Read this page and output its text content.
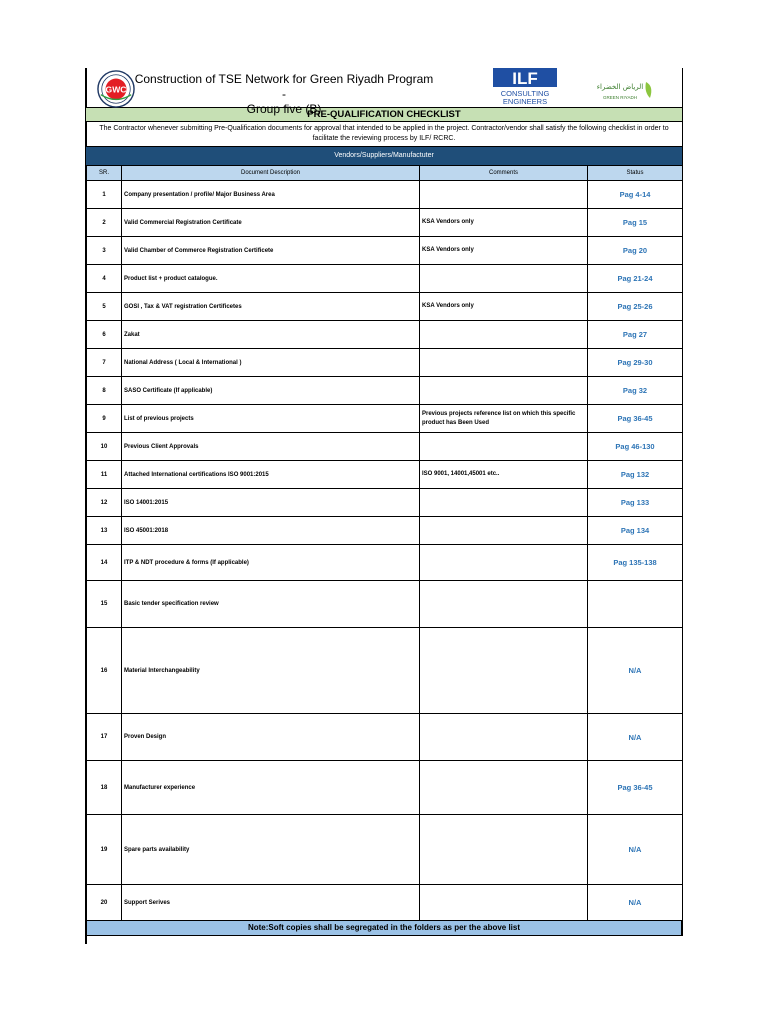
GWC
Construction of TSE Network for Green Riyadh Program -
Group five (B)
ILF
CONSULTING
ENGINEERS
الرياض الخضراء
GREEN RIYADH
PRE-QUALIFICATION CHECKLIST
The Contractor whenever submitting Pre-Qualification documents for approval that intended to be applied in the project. Contractor/vendor shall satisfy the following checklist in order to facilitate the reviewing process by ILF/ RCRC.
Vendors/Suppliers/Manufactuter
SR.	Document Description	Comments	Status
1	Company presentation / profile/ Major Business Area		Pag 4-14
2	Valid Commercial Registration Certificate	KSA Vendors only	Pag 15
3	Valid Chamber of Commerce Registration Certificete	KSA Vendors only	Pag 20
4	Product list + product catalogue.		Pag 21-24
5	GOSI , Tax & VAT registration Certificetes	KSA Vendors only	Pag 25-26
6	Zakat		Pag 27
7	National Address ( Local & International )		Pag 29-30
8	SASO Certificate (If applicable)		Pag 32
9	List of previous projects	Previous projects reference list on which this specific product has Been Used	Pag 36-45
10	Previous Client Approvals		Pag 46-130
11	Attached International certifications ISO 9001:2015	ISO 9001, 14001,45001 etc..	Pag 132
12	ISO 14001:2015		Pag 133
13	ISO 45001:2018		Pag 134
14	ITP & NDT procedure & forms (If applicable)		Pag 135-138
15	Basic tender specification review		
16	Material Interchangeability		N/A
17	Proven Design		N/A
18	Manufacturer experience		Pag 36-45
19	Spare parts availability		N/A
20	Support Serives		N/A
Note:Soft copies shall be segregated in the folders as per the above list
